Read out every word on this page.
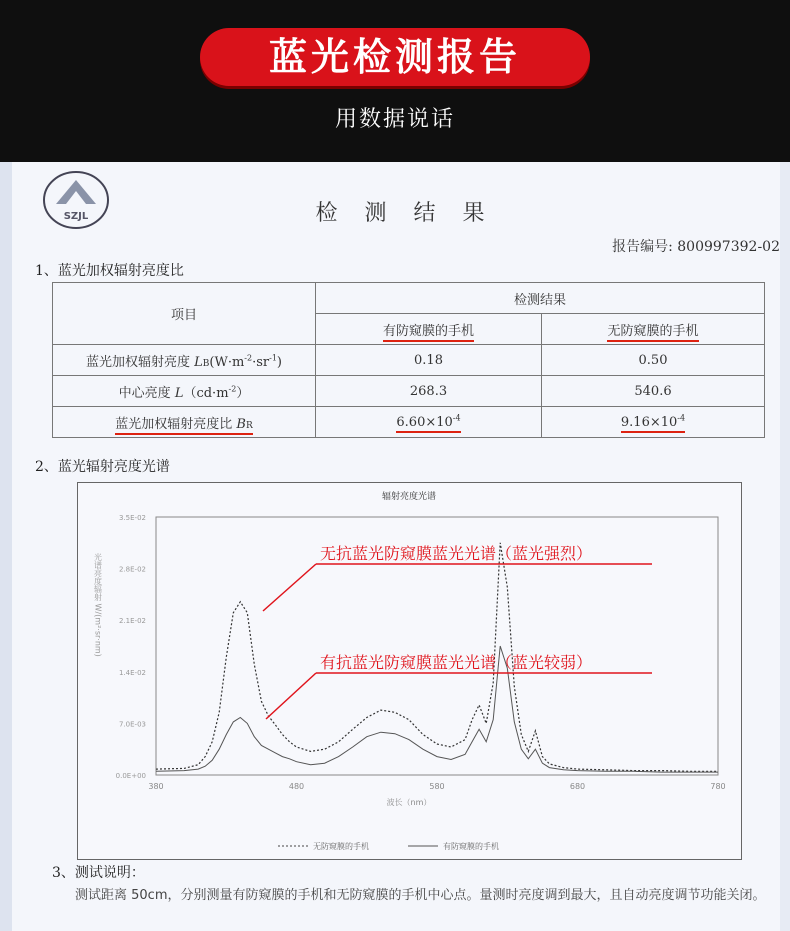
蓝光检测报告
用数据说话
SZJL	检 测 结 果
报告编号: 800997392-02
1、蓝光加权辐射亮度比
项目	检测结果	
	有防窥膜的手机	无防窥膜的手机
蓝光加权辐射亮度 $LB(W\cdot m^{-2}\cdot sr^{-1})$	0.18	0.50
中心亮度 $L(cd\cdot m^{-2})$	268.3	540.6
蓝光加权辐射亮度比 BR	$6.60\times 10^{-4}$	$9.16\times 10^{-4}$
2、蓝光辐射亮度光谱
辐射亮度光谱
0.0E+00
7.0E-03
1.4E-02
2.1E-02
2.8E-02
3.5E-02
380	480	580	680	780
波长（nm）
光谱亮度辐射 W/(m²·sr·nm)
无防窥膜的手机	有防窥膜的手机
无抗蓝光防窥膜蓝光光谱（蓝光强烈）
有抗蓝光防窥膜蓝光光谱（蓝光较弱）
3、测试说明：
测试距离 50cm，分别测量有防窥膜的手机和无防窥膜的手机中心点。量测时亮度调到最大，且自动亮度调节功能关闭。
